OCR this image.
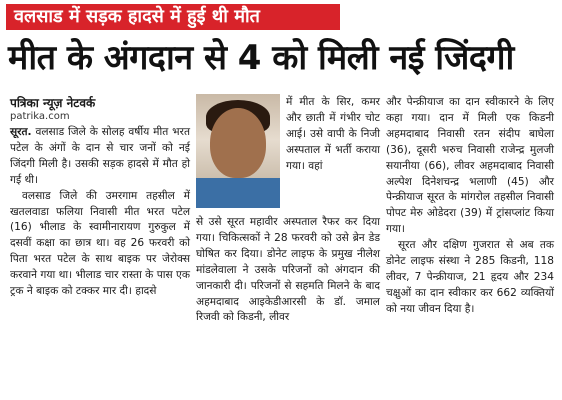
वलसाड में सड़क हादसे में हुई थी मौत
मीत के अंगदान से 4 को मिली नई जिंदगी
पत्रिका न्यूज़ नेटवर्क
patrika.com

सूरत. वलसाड जिले के सोलह वर्षीय मीत भरत पटेल के अंगों के दान से चार जनों को नई जिंदगी मिली है। उसकी सड़क हादसे में मौत हो गई थी।

वलसाड जिले की उमरगाम तहसील में खतलवाडा फलिया निवासी मीत भरत पटेल (16) भीलाड के स्वामीनारायण गुरुकुल में दसवीं कक्षा का छात्र था। वह 26 फरवरी को पिता भरत पटेल के साथ बाइक पर जेरोक्स करवाने गया था। भीलाड चार रास्ता के पास एक ट्रक ने बाइक को टक्कर मार दी। हादसे

में मीत के सिर, कमर और छाती में गंभीर चोट आई। उसे वापी के निजी अस्पताल में भर्ती कराया गया। वहां

से उसे सूरत महावीर अस्पताल रैफर कर दिया गया। चिकित्सकों ने 28 फरवरी को उसे ब्रेन डेड घोषित कर दिया। डोनेट लाइफ के प्रमुख नीलेश मांडलेवाला ने उसके परिजनों को अंगदान की जानकारी दी। परिजनों से सहमति मिलने के बाद अहमदाबाद आइकेडीआरसी के डॉ. जमाल रिजवी को किडनी, लीवर

और पेन्क्रीयाज का दान स्वीकारने के लिए कहा गया। दान में मिली एक किडनी अहमदाबाद निवासी रतन संदीप बाघेला (36), दूसरी भरुच निवासी राजेन्द्र मुलजी सयानीया (66), लीवर अहमदाबाद निवासी अल्पेश दिनेशचन्द्र भलाणी (45) और पेन्क्रीयाज सूरत के मांगरोल तहसील निवासी पोपट मेरु ओडेदरा (39) में ट्रांसप्लांट किया गया।

सूरत और दक्षिण गुजरात से अब तक डोनेट लाइफ संस्था ने 285 किडनी, 118 लीवर, 7 पेन्क्रीयाज, 21 हृदय और 234 चक्षुओं का दान स्वीकार कर 662 व्यक्तियों को नया जीवन दिया है।
